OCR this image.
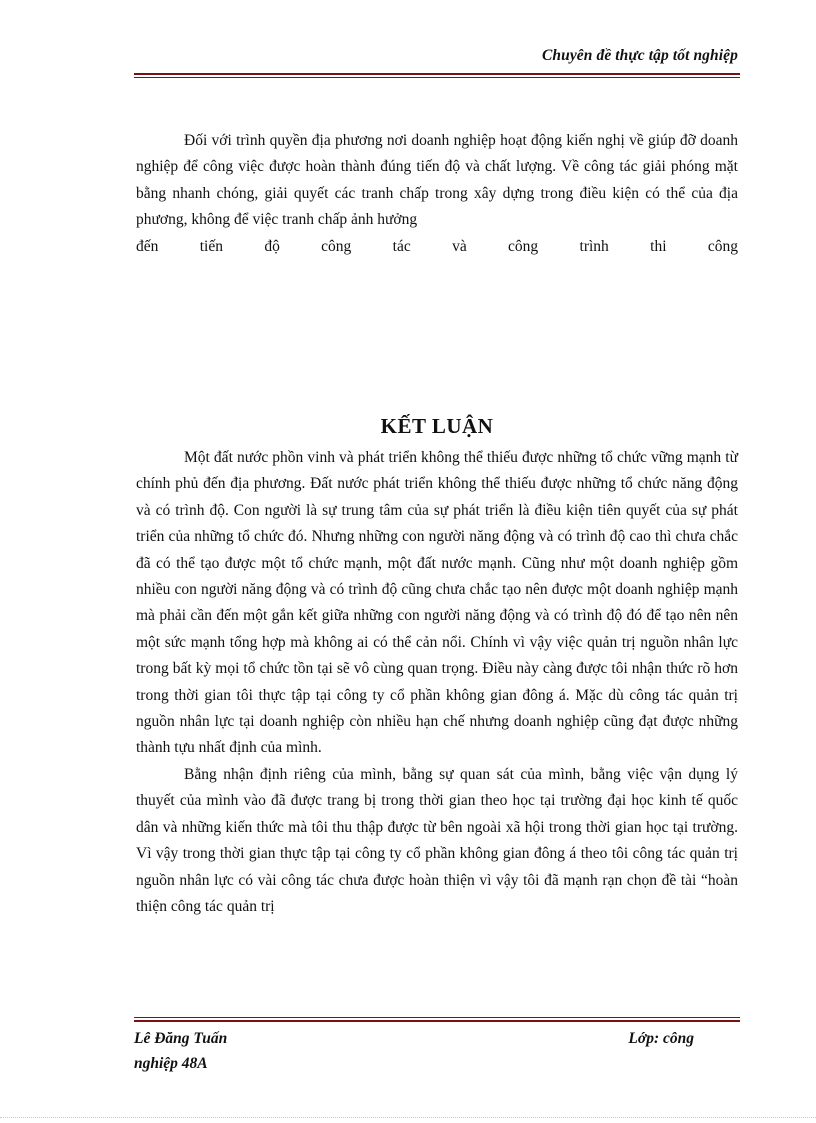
Chuyên đề thực tập tốt nghiệp

Đối với trình quyền địa phương nơi doanh nghiệp hoạt động kiến nghị về giúp đỡ doanh nghiệp để công việc được hoàn thành đúng tiến độ và chất lượng. Về công tác giải phóng mặt bằng nhanh chóng, giải quyết các tranh chấp trong xây dựng trong điều kiện có thể của địa phương, không để việc tranh chấp ảnh hưởng

đến tiến độ công tác và công trình thi công

KẾT LUẬN

Một đất nước phồn vinh và phát triển không thể thiếu được những tổ chức vững mạnh từ chính phủ đến địa phương. Đất nước phát triển không thể thiếu được những tổ chức năng động và có trình độ. Con người là sự trung tâm của sự phát triển là điều kiện tiên quyết của sự phát triển của những tổ chức đó. Nhưng những con người năng động và có trình độ cao thì chưa chắc đã có thể tạo được một tổ chức mạnh, một đất nước mạnh. Cũng như một doanh nghiệp gồm nhiều con người năng động và có trình độ cũng chưa chắc tạo nên được một doanh nghiệp mạnh mà phải cần đến một gắn kết giữa những con người năng động và có trình độ đó để tạo nên nên một sức mạnh tổng hợp mà không ai có thể cản nổi. Chính vì vậy việc quản trị nguồn nhân lực trong bất kỳ mọi tổ chức tồn tại sẽ vô cùng quan trọng. Điều này càng được tôi nhận thức rõ hơn trong thời gian tôi thực tập tại công ty cổ phần không gian đông á. Mặc dù công tác quản trị nguồn nhân lực tại doanh nghiệp còn nhiều hạn chế nhưng doanh nghiệp cũng đạt được những thành tựu nhất định của mình.

Bằng nhận định riêng của mình, bằng sự quan sát của mình, bằng việc vận dụng lý thuyết của mình vào đã được trang bị trong thời gian theo học tại trường đại học kinh tế quốc dân và những kiến thức mà tôi thu thập được từ bên ngoài xã hội trong thời gian học tại trường. Vì vậy trong thời gian thực tập tại công ty cổ phần không gian đông á theo tôi công tác quản trị nguồn nhân lực có vài công tác chưa được hoàn thiện vì vậy tôi đã mạnh rạn chọn đề tài “hoàn thiện công tác quản trị

Lê Đăng Tuấn	Lớp: công
nghiệp 48A
